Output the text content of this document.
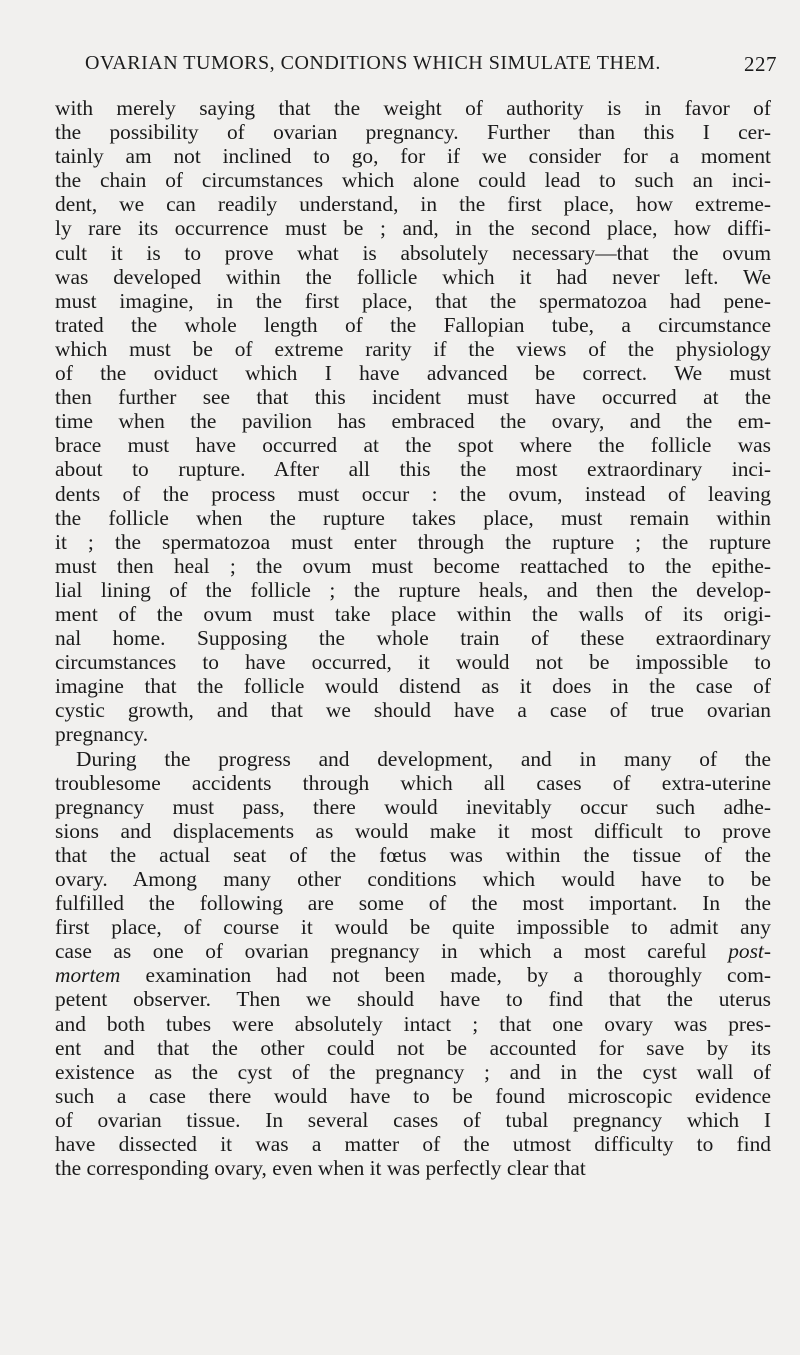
OVARIAN TUMORS, CONDITIONS WHICH SIMULATE THEM.	227
with merely saying that the weight of authority is in favor of
the possibility of ovarian pregnancy. Further than this I cer-
tainly am not inclined to go, for if we consider for a moment
the chain of circumstances which alone could lead to such an inci-
dent, we can readily understand, in the first place, how extreme-
ly rare its occurrence must be ; and, in the second place, how diffi-
cult it is to prove what is absolutely necessary—that the ovum
was developed within the follicle which it had never left. We
must imagine, in the first place, that the spermatozoa had pene-
trated the whole length of the Fallopian tube, a circumstance
which must be of extreme rarity if the views of the physiology
of the oviduct which I have advanced be correct. We must
then further see that this incident must have occurred at the
time when the pavilion has embraced the ovary, and the em-
brace must have occurred at the spot where the follicle was
about to rupture. After all this the most extraordinary inci-
dents of the process must occur : the ovum, instead of leaving
the follicle when the rupture takes place, must remain within
it ; the spermatozoa must enter through the rupture ; the rupture
must then heal ; the ovum must become reattached to the epithe-
lial lining of the follicle ; the rupture heals, and then the develop-
ment of the ovum must take place within the walls of its origi-
nal home. Supposing the whole train of these extraordinary
circumstances to have occurred, it would not be impossible to
imagine that the follicle would distend as it does in the case of
cystic growth, and that we should have a case of true ovarian
pregnancy.
During the progress and development, and in many of the
troublesome accidents through which all cases of extra-uterine
pregnancy must pass, there would inevitably occur such adhe-
sions and displacements as would make it most difficult to prove
that the actual seat of the fœtus was within the tissue of the
ovary. Among many other conditions which would have to be
fulfilled the following are some of the most important. In the
first place, of course it would be quite impossible to admit any
case as one of ovarian pregnancy in which a most careful post-
mortem examination had not been made, by a thoroughly com-
petent observer. Then we should have to find that the uterus
and both tubes were absolutely intact ; that one ovary was pres-
ent and that the other could not be accounted for save by its
existence as the cyst of the pregnancy ; and in the cyst wall of
such a case there would have to be found microscopic evidence
of ovarian tissue. In several cases of tubal pregnancy which I
have dissected it was a matter of the utmost difficulty to find
the corresponding ovary, even when it was perfectly clear that
